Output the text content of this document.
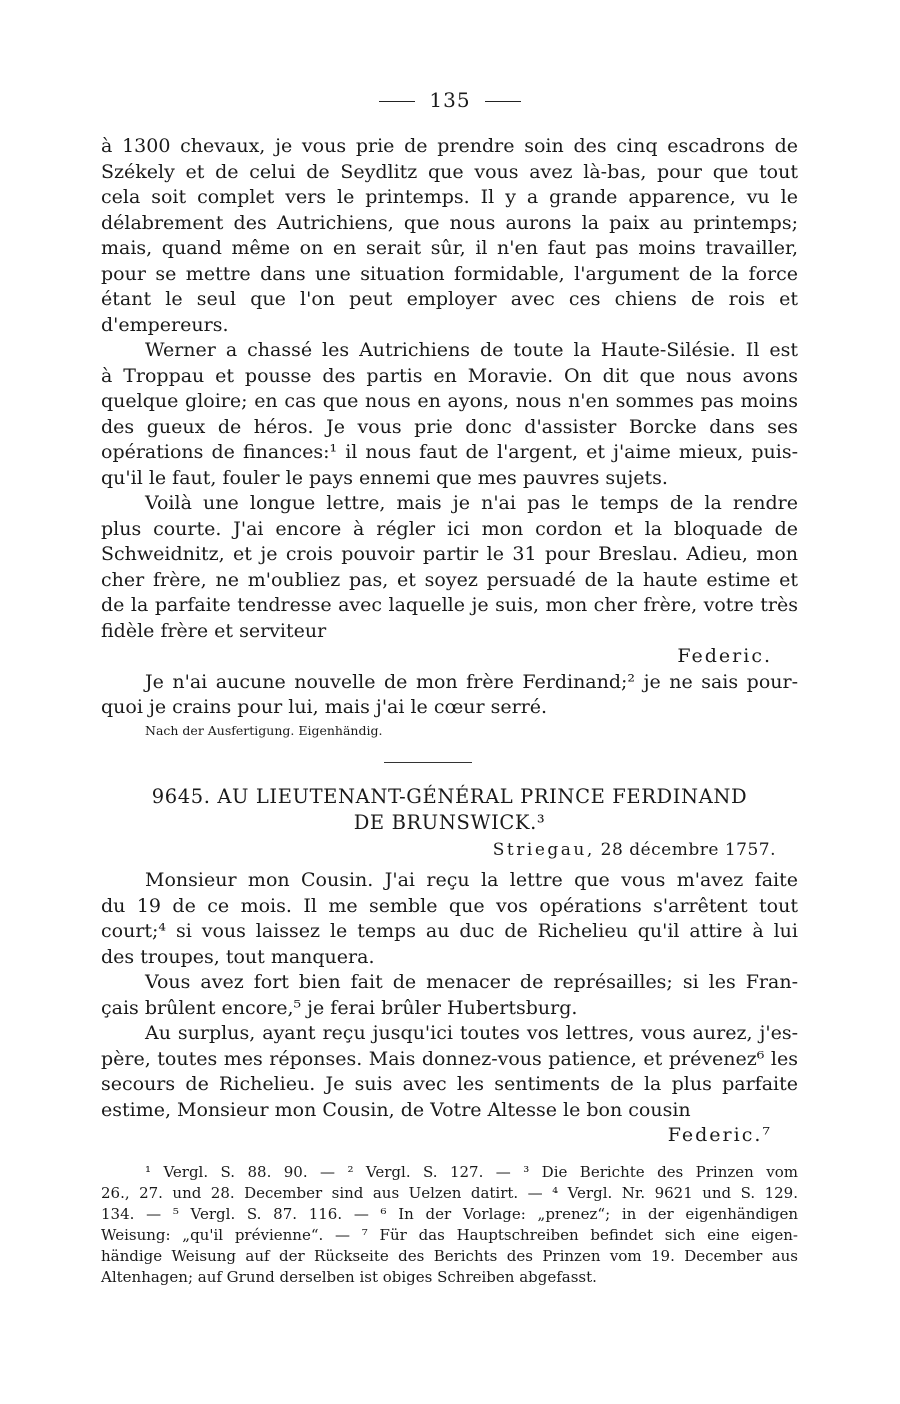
135
à 1300 chevaux, je vous prie de prendre soin des cinq escadrons de
Székely et de celui de Seydlitz que vous avez là-bas, pour que tout
cela soit complet vers le printemps. Il y a grande apparence, vu le
délabrement des Autrichiens, que nous aurons la paix au printemps;
mais, quand même on en serait sûr, il n'en faut pas moins travailler,
pour se mettre dans une situation formidable, l'argument de la force
étant le seul que l'on peut employer avec ces chiens de rois et
d'empereurs.
Werner a chassé les Autrichiens de toute la Haute-Silésie. Il est
à Troppau et pousse des partis en Moravie. On dit que nous avons
quelque gloire; en cas que nous en ayons, nous n'en sommes pas moins
des gueux de héros. Je vous prie donc d'assister Borcke dans ses
opérations de finances:¹ il nous faut de l'argent, et j'aime mieux, puis-
qu'il le faut, fouler le pays ennemi que mes pauvres sujets.
Voilà une longue lettre, mais je n'ai pas le temps de la rendre
plus courte. J'ai encore à régler ici mon cordon et la bloquade de
Schweidnitz, et je crois pouvoir partir le 31 pour Breslau. Adieu, mon
cher frère, ne m'oubliez pas, et soyez persuadé de la haute estime et
de la parfaite tendresse avec laquelle je suis, mon cher frère, votre très
fidèle frère et serviteur
Federic.
Je n'ai aucune nouvelle de mon frère Ferdinand;² je ne sais pour-
quoi je crains pour lui, mais j'ai le cœur serré.
Nach der Ausfertigung. Eigenhändig.
9645. AU LIEUTENANT-GÉNÉRAL PRINCE FERDINAND
DE BRUNSWICK.³
Striegau, 28 décembre 1757.
Monsieur mon Cousin. J'ai reçu la lettre que vous m'avez faite
du 19 de ce mois. Il me semble que vos opérations s'arrêtent tout
court;⁴ si vous laissez le temps au duc de Richelieu qu'il attire à lui
des troupes, tout manquera.
Vous avez fort bien fait de menacer de représailles; si les Fran-
çais brûlent encore,⁵ je ferai brûler Hubertsburg.
Au surplus, ayant reçu jusqu'ici toutes vos lettres, vous aurez, j'es-
père, toutes mes réponses. Mais donnez-vous patience, et prévenez⁶ les
secours de Richelieu. Je suis avec les sentiments de la plus parfaite
estime, Monsieur mon Cousin, de Votre Altesse le bon cousin
Federic.⁷
¹ Vergl. S. 88. 90. — ² Vergl. S. 127. — ³ Die Berichte des Prinzen vom
26., 27. und 28. December sind aus Uelzen datirt. — ⁴ Vergl. Nr. 9621 und S. 129.
134. — ⁵ Vergl. S. 87. 116. — ⁶ In der Vorlage: „prenez“; in der eigenhändigen
Weisung: „qu'il prévienne“. — ⁷ Für das Hauptschreiben befindet sich eine eigen-
händige Weisung auf der Rückseite des Berichts des Prinzen vom 19. December aus
Altenhagen; auf Grund derselben ist obiges Schreiben abgefasst.
